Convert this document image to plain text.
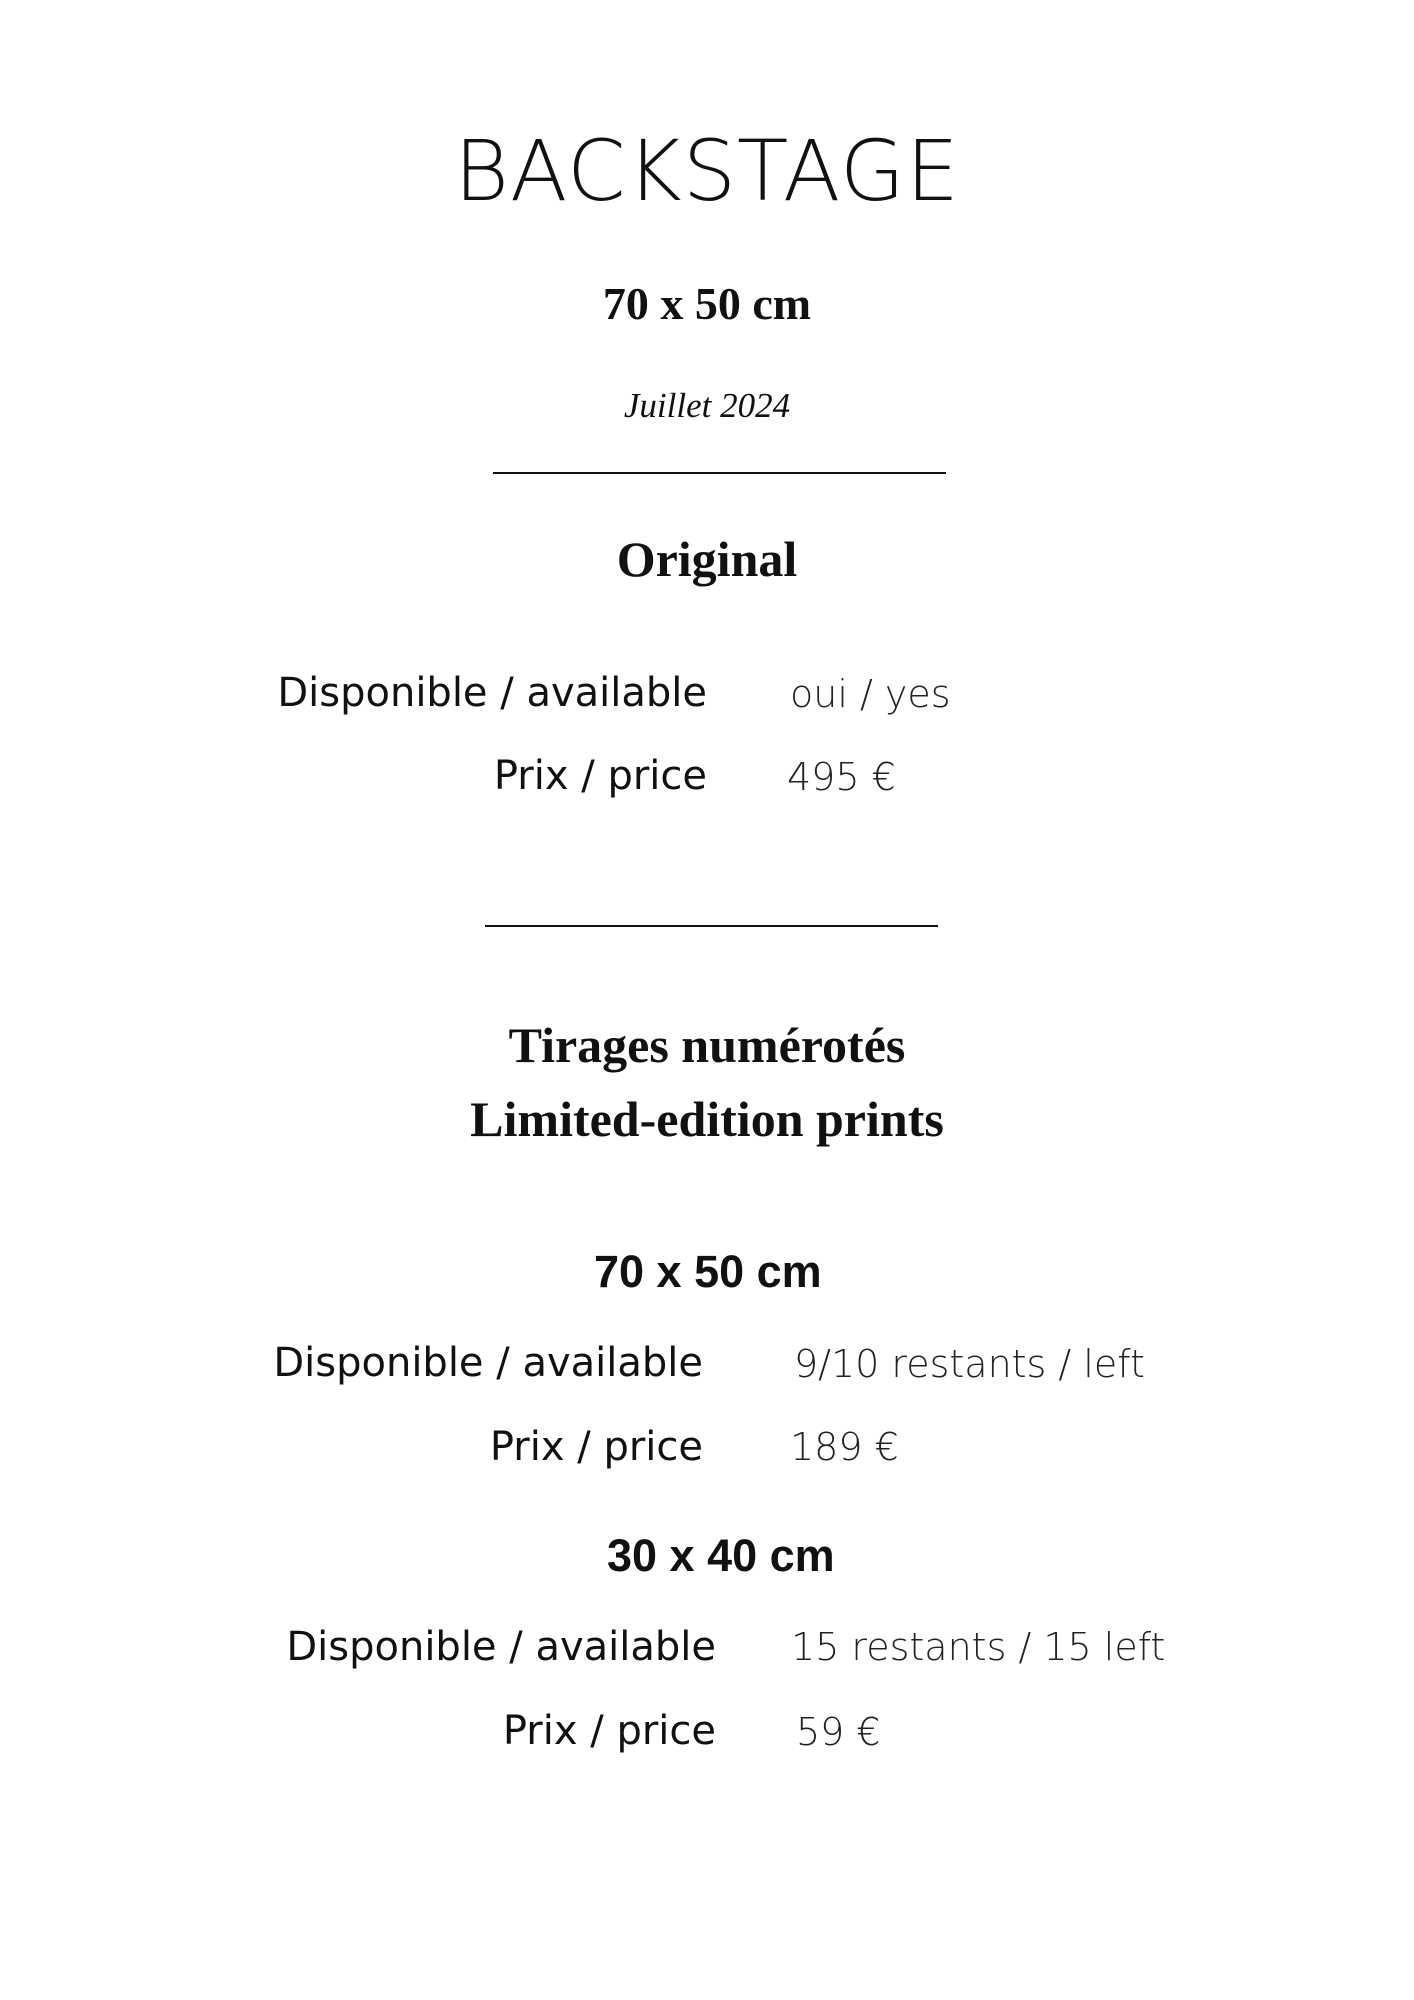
BACKSTAGE
70 x 50 cm
Juillet 2024
Original
Disponible / available oui / yes
Prix / price 495 €
Tirages numérotés
Limited-edition prints
70 x 50 cm
Disponible / available 9/10 restants / left
Prix / price 189 €
30 x 40 cm
Disponible / available 15 restants / 15 left
Prix / price 59 €
